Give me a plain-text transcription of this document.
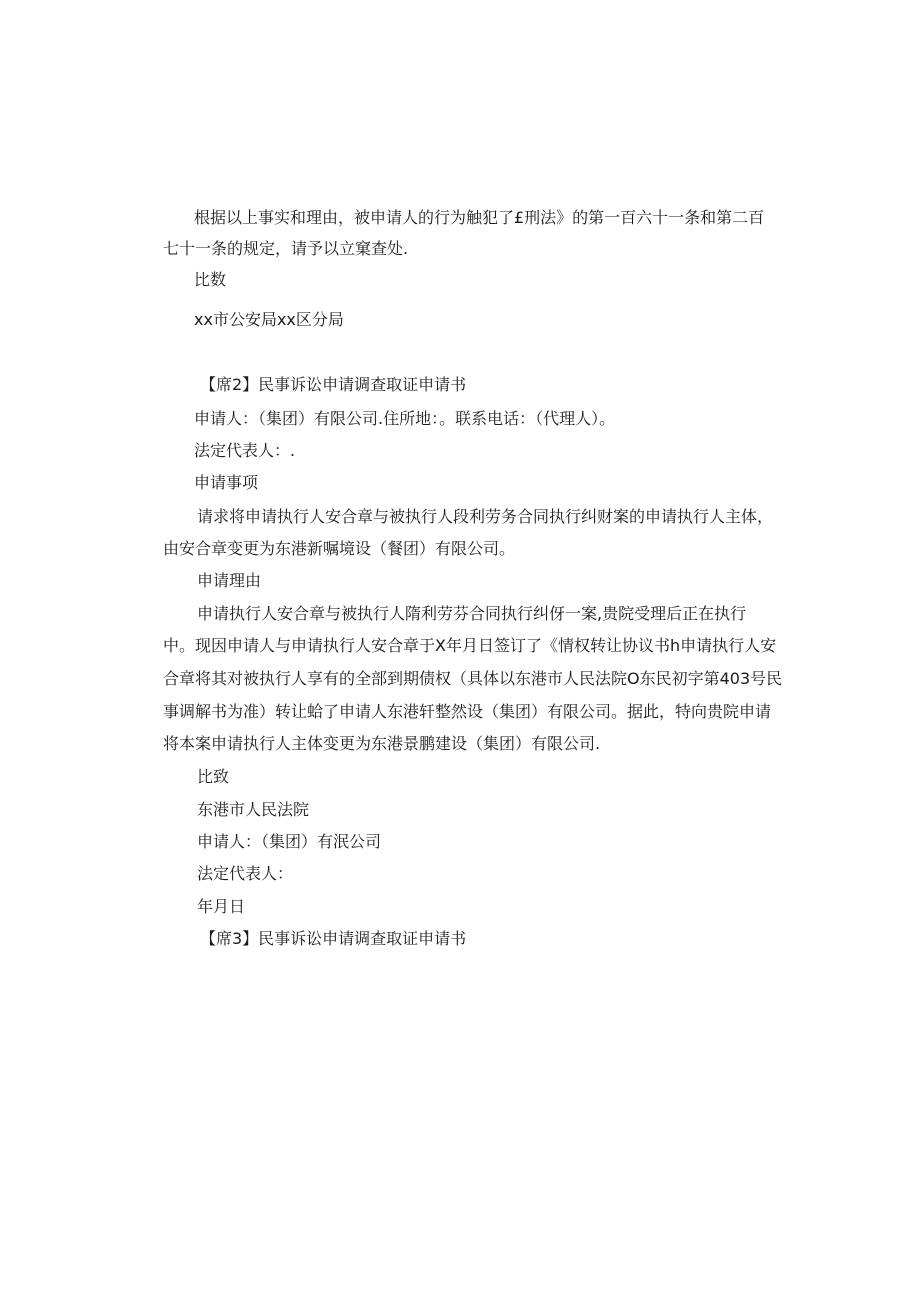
根据以上事实和理由，被申请人的行为触犯了£刑法》的第一百六十一条和第二百
七十一条的规定，请予以立窠查处.
比数
xx市公安局xx区分局
【席2】民事诉讼申请调查取证申请书
申请人：（集团）有限公司.住所地：。联系电话：（代理人）。
法定代表人：.
申请事项
请求将申请执行人安合章与被执行人段利劳务合同执行纠财案的申请执行人主体，
由安合章变更为东港新嘱境设（餐团）有限公司。
申请理由
申请执行人安合章与被执行人隋利劳芬合同执行纠伢一案,贵院受理后正在执行
中。现因申请人与申请执行人安合章于X年月日签订了《情权转让协议书h申请执行人安
合章将其对被执行人享有的全部到期债权（具体以东港市人民法院O东民初字第403号民
事调解书为准）转让蛤了申请人东港轩整然设（集团）有限公司。据此，特向贵院申请
将本案申请执行人主体变更为东港景鹏建设（集团）有限公司.
比致
东港市人民法院
申请人：（集团）有泯公司
法定代表人：
年月日
【席3】民事诉讼申请调查取证申请书
